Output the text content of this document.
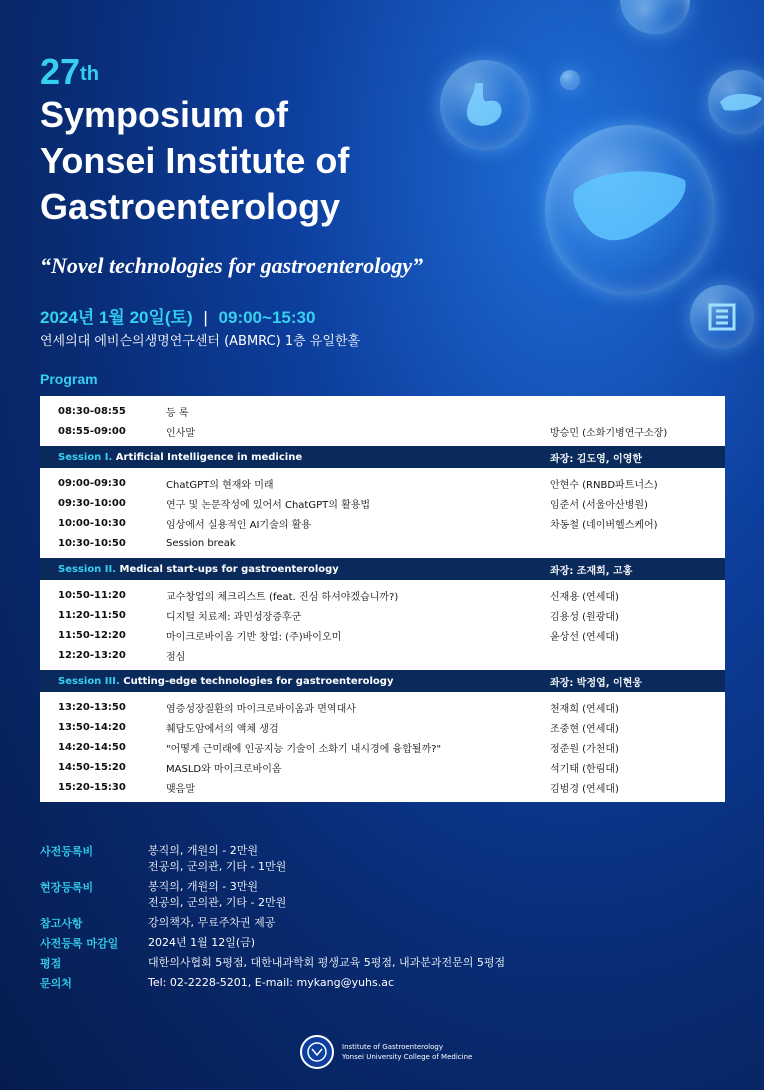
27th
Symposium of
Yonsei Institute of
Gastroenterology
“Novel technologies for gastroenterology”
2024년 1월 20일(토) | 09:00~15:30
연세의대 에비슨의생명연구센터 (ABMRC) 1층 유일한홀
Program
08:30-08:55	등 록
08:55-09:00	인사말	방승민 (소화기병연구소장)
Session I. Artificial Intelligence in medicine	좌장: 김도영, 이영한
09:00-09:30	ChatGPT의 현재와 미래	안현수 (RNBD파트너스)
09:30-10:00	연구 및 논문작성에 있어서 ChatGPT의 활용법	임준서 (서울아산병원)
10:00-10:30	임상에서 실용적인 AI기술의 활용	차동철 (네이버헬스케어)
10:30-10:50	Session break
Session II. Medical start-ups for gastroenterology	좌장: 조재희, 고홍
10:50-11:20	교수창업의 체크리스트 (feat. 진심 하셔야겠습니까?)	신재용 (연세대)
11:20-11:50	디지털 치료제: 과민성장증후군	김용성 (원광대)
11:50-12:20	마이크로바이옴 기반 창업: (주)바이오미	윤상선 (연세대)
12:20-13:20	점심
Session III. Cutting-edge technologies for gastroenterology	좌장: 박정엽, 이현웅
13:20-13:50	염증성장질환의 마이크로바이옴과 면역대사	천재희 (연세대)
13:50-14:20	췌담도암에서의 액체 생검	조중현 (연세대)
14:20-14:50	"어떻게 근미래에 인공지능 기술이 소화기 내시경에 융합될까?"	정준원 (가천대)
14:50-15:20	MASLD와 마이크로바이옴	석기태 (한림대)
15:20-15:30	맺음말	김범경 (연세대)
사전등록비	봉직의, 개원의 - 2만원
전공의, 군의관, 기타 - 1만원
현장등록비	봉직의, 개원의 - 3만원
전공의, 군의관, 기타 - 2만원
참고사항	강의책자, 무료주차권 제공
사전등록 마감일	2024년 1월 12일(금)
평점	대한의사협회 5평점, 대한내과학회 평생교육 5평점, 내과분과전문의 5평점
문의처	Tel: 02-2228-5201, E-mail: mykang@yuhs.ac
Institute of Gastroenterology
Yonsei University College of Medicine
